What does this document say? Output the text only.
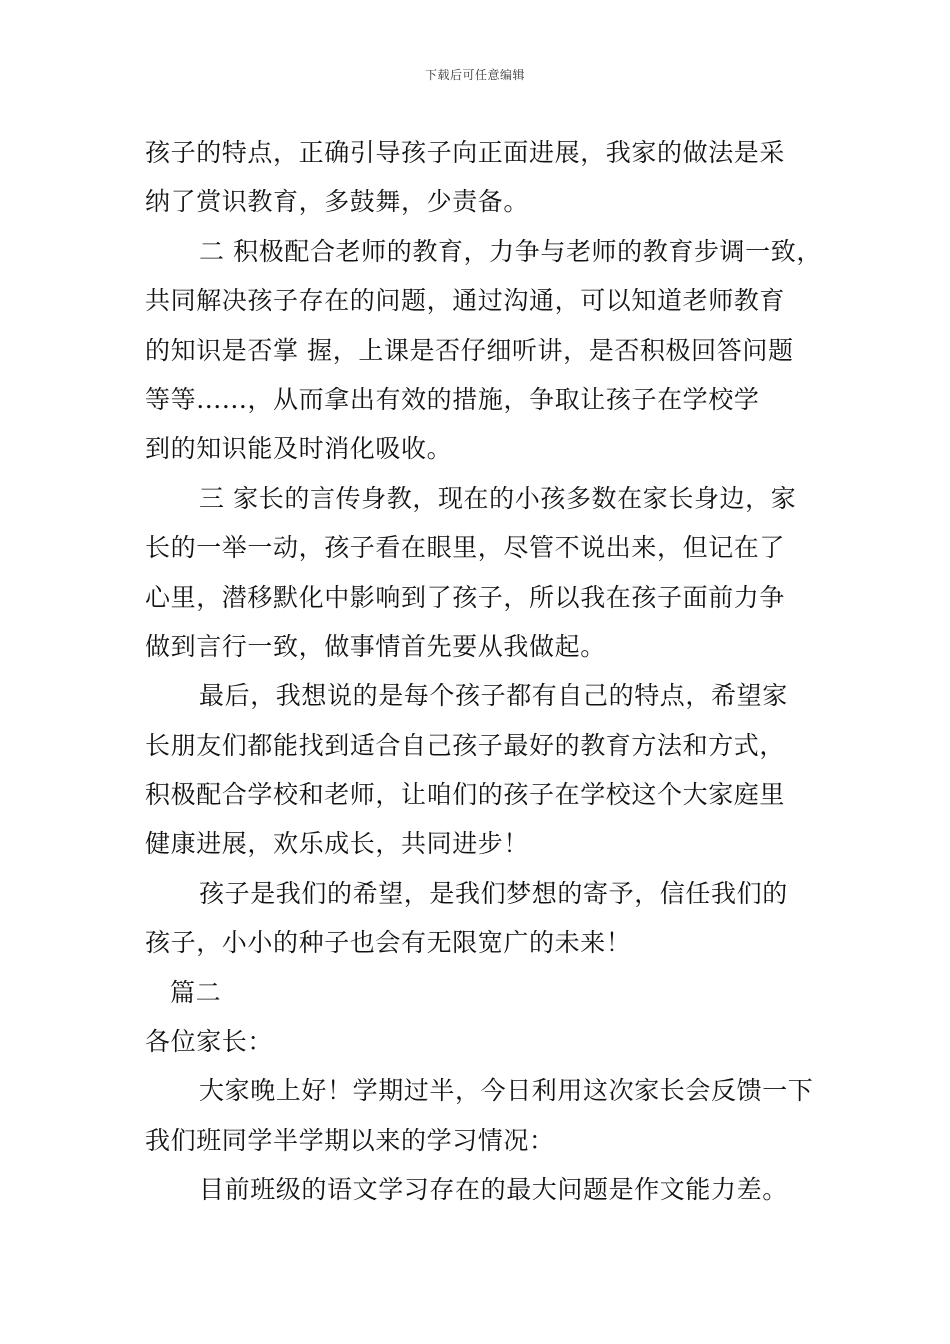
下载后可任意编辑
孩子的特点，正确引导孩子向正面进展，我家的做法是采
纳了赏识教育，多鼓舞，少责备。
二 积极配合老师的教育，力争与老师的教育步调一致，
共同解决孩子存在的问题，通过沟通，可以知道老师教育
的知识是否掌 握，上课是否仔细听讲，是否积极回答问题
等等......，从而拿出有效的措施，争取让孩子在学校学
到的知识能及时消化吸收。
三 家长的言传身教，现在的小孩多数在家长身边，家
长的一举一动，孩子看在眼里，尽管不说出来，但记在了
心里，潜移默化中影响到了孩子，所以我在孩子面前力争
做到言行一致，做事情首先要从我做起。
最后，我想说的是每个孩子都有自己的特点，希望家
长朋友们都能找到适合自己孩子最好的教育方法和方式，
积极配合学校和老师，让咱们的孩子在学校这个大家庭里
健康进展，欢乐成长，共同进步！
孩子是我们的希望，是我们梦想的寄予，信任我们的
孩子，小小的种子也会有无限宽广的未来！
篇二
各位家长：
大家晚上好！学期过半，今日利用这次家长会反馈一下
我们班同学半学期以来的学习情况：
目前班级的语文学习存在的最大问题是作文能力差。
